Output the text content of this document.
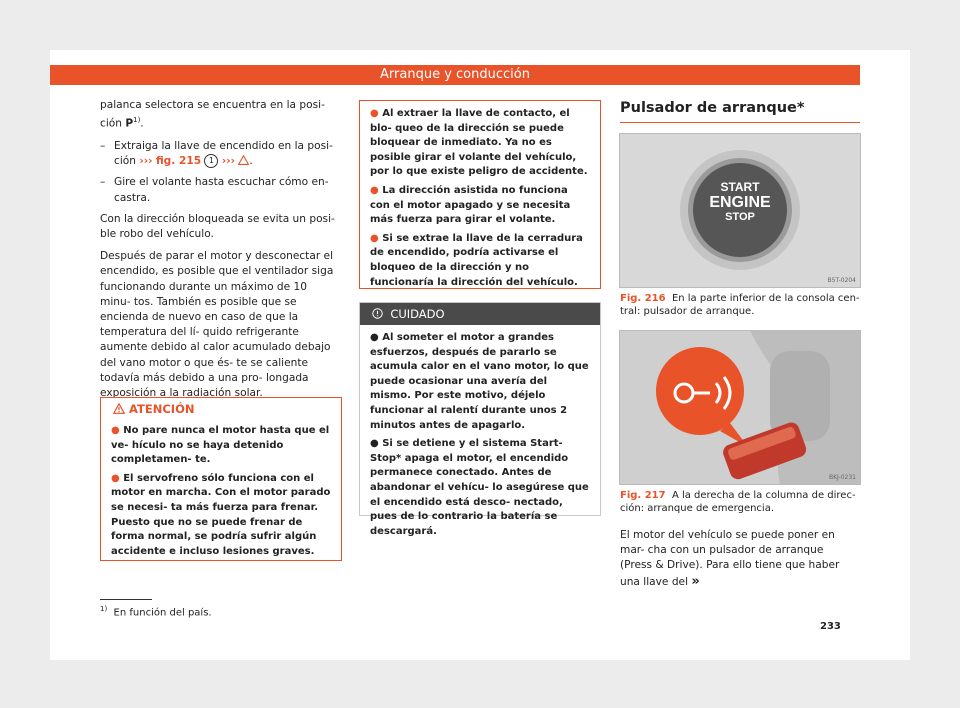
Arranque y conducción

palanca selectora se encuentra en la posi- ción $P^{1)}$.

– Extraiga la llave de encendido en la posi- ción ››› fig. 215 1 ››› .
– Gire el volante hasta escuchar cómo en- castra.

Con la dirección bloqueada se evita un posi- ble robo del vehículo.

Después de parar el motor y desconectar el encendido, es posible que el ventilador siga funcionando durante un máximo de 10 minu- tos. También es posible que se encienda de nuevo en caso de que la temperatura del lí- quido refrigerante aumente debido al calor acumulado debajo del vano motor o que és- te se caliente todavía más debido a una pro- longada exposición a la radiación solar.

ATENCIÓN

● No pare nunca el motor hasta que el ve- hículo no se haya detenido completamen- te.

● El servofreno sólo funciona con el motor en marcha. Con el motor parado se necesi- ta más fuerza para frenar. Puesto que no se puede frenar de forma normal, se podría sufrir algún accidente e incluso lesiones graves.

● Al extraer la llave de contacto, el blo- queo de la dirección se puede bloquear de inmediato. Ya no es posible girar el volante del vehículo, por lo que existe peligro de accidente.

● La dirección asistida no funciona con el motor apagado y se necesita más fuerza para girar el volante.

● Si se extrae la llave de la cerradura de encendido, podría activarse el bloqueo de la dirección y no funcionaría la dirección del vehículo.

CUIDADO

● Al someter el motor a grandes esfuerzos, después de pararlo se acumula calor en el vano motor, lo que puede ocasionar una avería del mismo. Por este motivo, déjelo funcionar al ralentí durante unos 2 minutos antes de apagarlo.

● Si se detiene y el sistema Start-Stop* apaga el motor, el encendido permanece conectado. Antes de abandonar el vehícu- lo asegúrese que el encendido está desco- nectado, pues de lo contrario la batería se descargará.

Pulsador de arranque*
START
ENGINE
STOP
B5T-0204
Fig. 216 En la parte inferior de la consola cen- tral: pulsador de arranque.
BKJ-0231
Fig. 217 A la derecha de la columna de direc- ción: arranque de emergencia.

El motor del vehículo se puede poner en mar- cha con un pulsador de arranque (Press & Drive). Para ello tiene que haber una llave del »

$^{1)}$ En función del país.
233
